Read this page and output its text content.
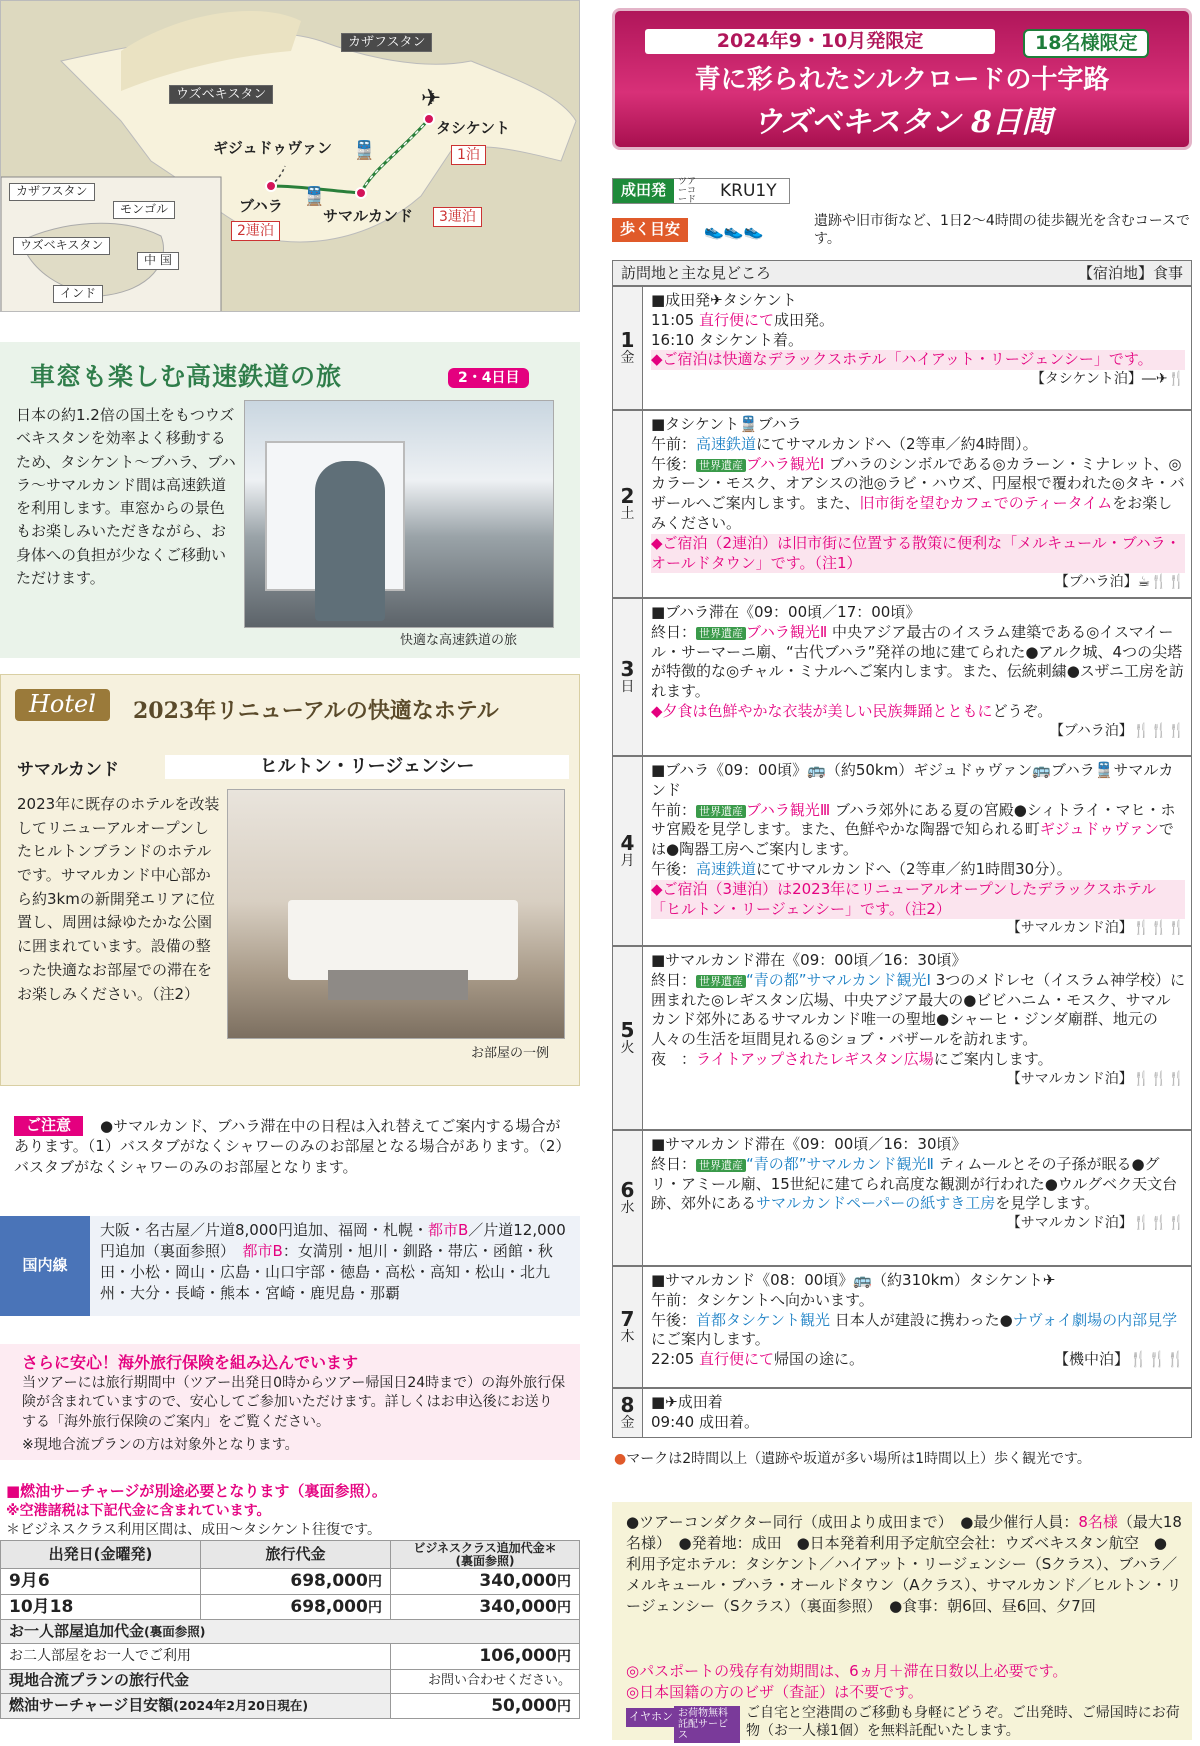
カザフスタン
ウズベキスタン
タシケント
1泊
✈
ギジュドゥヴァン
ブハラ
2連泊
サマルカンド	3連泊
🚆
🚆
カザフスタン
モンゴル
ウズベキスタン
中 国
インド
車窓も楽しむ高速鉄道の旅	2・4日目
日本の約1.2倍の国土をもつウズベキスタンを効率よく移動するため、タシケント～ブハラ、ブハラ～サマルカンド間は高速鉄道を利用します。車窓からの景色もお楽しみいただきながら、お身体への負担が少なくご移動いただけます。
快適な高速鉄道の旅
Hotel	2023年リニューアルの快適なホテル
サマルカンド	ヒルトン・リージェンシー
2023年に既存のホテルを改装してリニューアルオープンしたヒルトンブランドのホテルです。サマルカンド中心部から約3kmの新開発エリアに位置し、周囲は緑ゆたかな公園に囲まれています。設備の整った快適なお部屋での滞在をお楽しみください。（注2）
お部屋の一例
ご注意	●サマルカンド、ブハラ滞在中の日程は入れ替えてご案内する場合があります。（1）バスタブがなくシャワーのみのお部屋となる場合があります。（2）バスタブがなくシャワーのみのお部屋となります。
国内線
大阪・名古屋／片道8,000円追加、福岡・札幌・都市B／片道12,000円追加（裏面参照）　都市B：女満別・旭川・釧路・帯広・函館・秋田・小松・岡山・広島・山口宇部・徳島・高松・高知・松山・北九州・大分・長崎・熊本・宮崎・鹿児島・那覇
さらに安心！海外旅行保険を組み込んでいます
当ツアーには旅行期間中（ツアー出発日0時からツアー帰国日24時まで）の海外旅行保険が含まれていますので、安心してご参加いただけます。詳しくはお申込後にお送りする「海外旅行保険のご案内」をご覧ください。
※現地合流プランの方は対象外となります。
■燃油サーチャージが別途必要となります（裏面参照）。
※空港諸税は下記代金に含まれています。
＊ビジネスクラス利用区間は、成田～タシケント往復です。
出発日(金曜発)	旅行代金	ビジネスクラス追加代金＊
(裏面参照)
9月6	698,000円	340,000円
10月18	698,000円	340,000円
お一人部屋追加代金(裏面参照)		
お二人部屋をお一人でご利用		106,000円
現地合流プランの旅行代金		お問い合わせください。
燃油サーチャージ目安額(2024年2月20日現在)		50,000円
2024年9・10月発限定	18名様限定
青に彩られたシルクロードの十字路
ウズベキスタン 8日間
成田発	ツアーコード	KRU1Y
歩く目安	👟👟👟	遺跡や旧市街など、1日2～4時間の徒歩観光を含むコースです。
訪問地と主な見どころ	【宿泊地】食事
1
金
■成田発✈タシケント
11:05 直行便にて成田発。
16:10 タシケント着。
◆ご宿泊は快適なデラックスホテル「ハイアット・リージェンシー」です。
【タシケント泊】―✈🍴
2
土
■タシケント🚆ブハラ
午前：高速鉄道にてサマルカンドへ（2等車／約4時間）。
午後： 世界遺産 ブハラ観光Ⅰ ブハラのシンボルである◎カラーン・ミナレット、◎カラーン・モスク、オアシスの池◎ラビ・ハウズ、円屋根で覆われた◎タキ・バザールへご案内します。また、旧市街を望むカフェでのティータイムをお楽しみください。
◆ご宿泊（2連泊）は旧市街に位置する散策に便利な「メルキュール・ブハラ・オールドタウン」です。（注1）
【ブハラ泊】☕🍴🍴
3
日
■ブハラ滞在《09：00頃／17：00頃》
終日： 世界遺産 ブハラ観光Ⅱ 中央アジア最古のイスラム建築である◎イスマイール・サーマーニ廟、“古代ブハラ”発祥の地に建てられた●アルク城、4つの尖塔が特徴的な◎チャル・ミナルへご案内します。また、伝統刺繍●スザニ工房を訪れます。
◆夕食は色鮮やかな衣装が美しい民族舞踊とともにどうぞ。
【ブハラ泊】🍴🍴🍴
4
月
■ブハラ《09：00頃》🚌（約50km）ギジュドゥヴァン🚌ブハラ🚆サマルカンド
午前： 世界遺産 ブハラ観光Ⅲ ブハラ郊外にある夏の宮殿●シィトライ・マヒ・ホサ宮殿を見学します。また、色鮮やかな陶器で知られる町ギジュドゥヴァンでは●陶器工房へご案内します。
午後：高速鉄道にてサマルカンドへ（2等車／約1時間30分）。
◆ご宿泊（3連泊）は2023年にリニューアルオープンしたデラックスホテル「ヒルトン・リージェンシー」です。（注2）
【サマルカンド泊】🍴🍴🍴
5
火
■サマルカンド滞在《09：00頃／16：30頃》
終日： 世界遺産 “青の都”サマルカンド観光Ⅰ 3つのメドレセ（イスラム神学校）に囲まれた◎レギスタン広場、中央アジア最大の●ビビハニム・モスク、サマルカンド郊外にあるサマルカンド唯一の聖地●シャーヒ・ジンダ廟群、地元の人々の生活を垣間見れる◎ショブ・バザールを訪れます。
夜　：ライトアップされたレギスタン広場にご案内します。
【サマルカンド泊】🍴🍴🍴
6
水
■サマルカンド滞在《09：00頃／16：30頃》
終日： 世界遺産 “青の都”サマルカンド観光Ⅱ ティムールとその子孫が眠る●グリ・アミール廟、15世紀に建てられ高度な観測が行われた●ウルグベク天文台跡、郊外にあるサマルカンドペーパーの紙すき工房を見学します。
【サマルカンド泊】🍴🍴🍴
7
木
■サマルカンド《08：00頃》🚌（約310km）タシケント✈
午前：タシケントへ向かいます。
午後：首都タシケント観光 日本人が建設に携わった●ナヴォイ劇場の内部見学にご案内します。
22:05 直行便にて帰国の途に。	【機中泊】🍴🍴🍴
8
金
■✈成田着
09:40 成田着。
●マークは2時間以上（遺跡や坂道が多い場所は1時間以上）歩く観光です。
●ツアーコンダクター同行（成田より成田まで）　●最少催行人員：8名様（最大18名様）　●発着地：成田　●日本発着利用予定航空会社：ウズベキスタン航空　●利用予定ホテル：タシケント／ハイアット・リージェンシー（Sクラス）、ブハラ／メルキュール・ブハラ・オールドタウン（Aクラス）、サマルカンド／ヒルトン・リージェンシー（Sクラス）（裏面参照）　●食事：朝6回、昼6回、夕7回
◎パスポートの残存有効期間は、6ヵ月＋滞在日数以上必要です。
◎日本国籍の方のビザ（査証）は不要です。
イヤホン お荷物無料託配サービス
ご自宅と空港間のご移動も身軽にどうぞ。ご出発時、ご帰国時にお荷物（お一人様1個）を無料託配いたします。
